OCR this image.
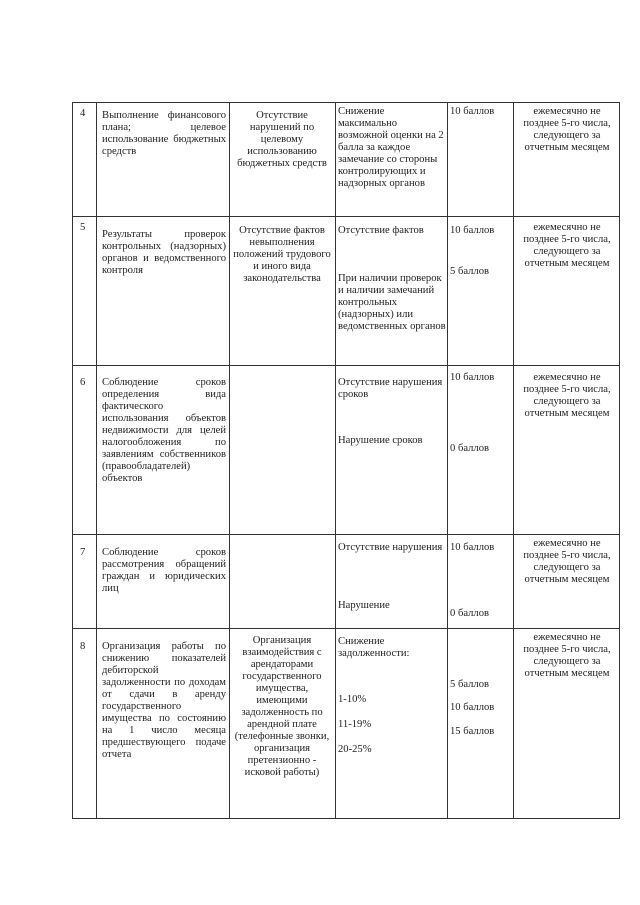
4 Выполнение финансового плана; целевое использование бюджетных средств
Отсутствие нарушений по целевому использованию бюджетных средств
Снижение максимально возможной оценки на 2 балла за каждое замечание со стороны контролирующих и надзорных органов
10 баллов	ежемесячно не позднее 5-го числа, следующего за отчетным месяцем
5
Результаты проверок контрольных (надзорных) органов и ведомственного контроля
Отсутствие фактов невыполнения положений трудового и иного вида законодательства
Отсутствие фактов
При наличии проверок и наличии замечаний контрольных (надзорных) или ведомственных органов
10 баллов
5 баллов
ежемесячно не позднее 5-го числа, следующего за отчетным месяцем
6 Соблюдение сроков определения вида фактического использования объектов недвижимости для целей налогообложения по заявлениям собственников (правообладателей) объектов
Отсутствие нарушения сроков
Нарушение сроков
10 баллов
0 баллов
ежемесячно не позднее 5-го числа, следующего за отчетным месяцем
7 Соблюдение сроков рассмотрения обращений граждан и юридических лиц
Отсутствие нарушения
Нарушение
10 баллов
0 баллов
ежемесячно не позднее 5-го числа, следующего за отчетным месяцем
8 Организация работы по снижению показателей дебиторской задолженности по доходам от сдачи в аренду государственного имущества по состоянию на 1 число месяца предшествующего подаче отчета
Организация взаимодействия с арендаторами государственного имущества, имеющими задолженность по арендной плате (телефонные звонки, организация претензионно - исковой работы)
Снижение задолженности:
1-10%
11-19%
20-25%
5 баллов
10 баллов
15 баллов
ежемесячно не позднее 5-го числа, следующего за отчетным месяцем
